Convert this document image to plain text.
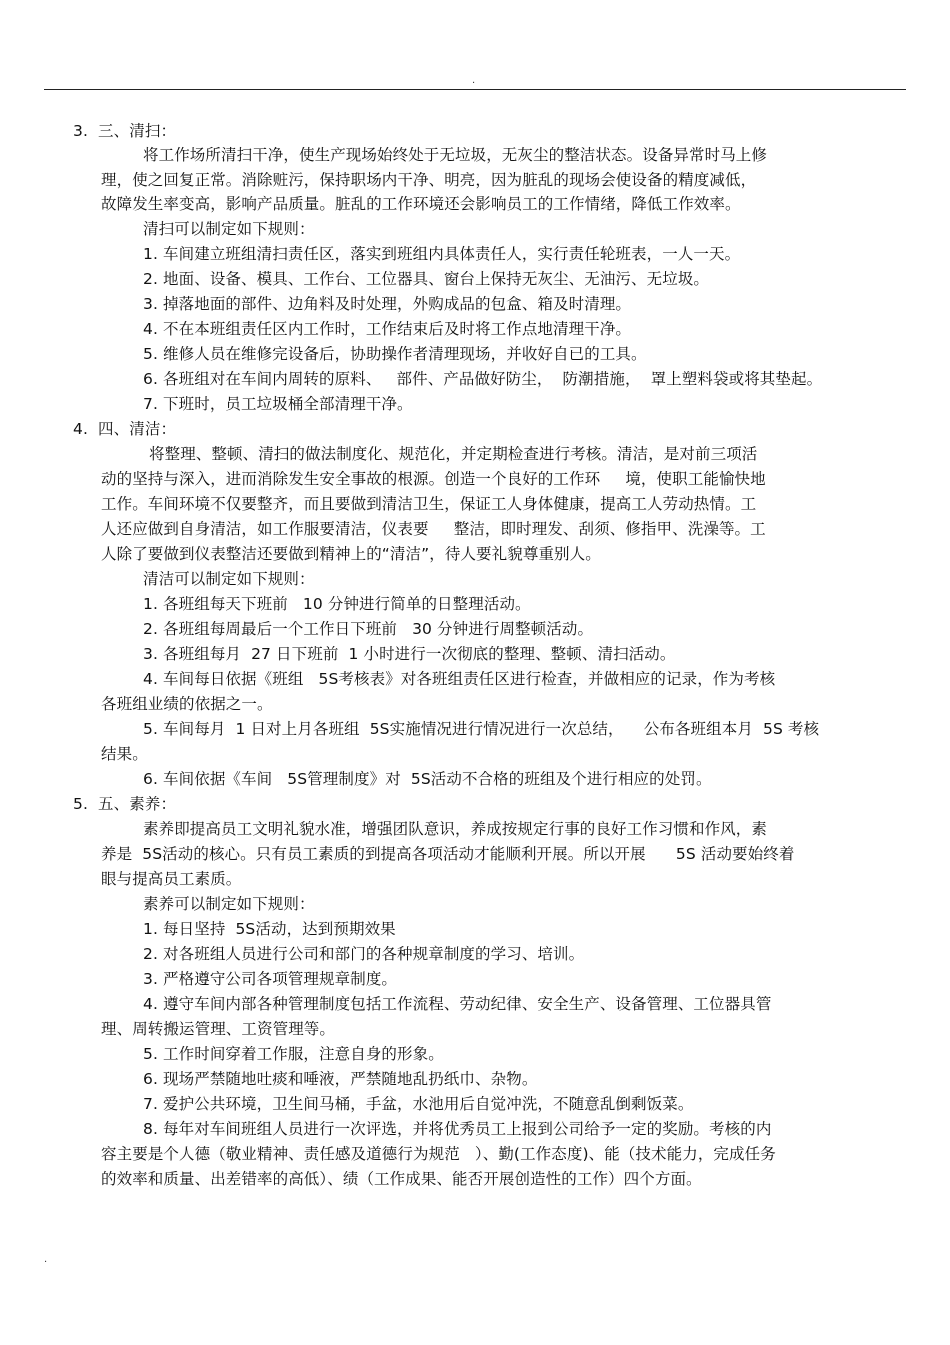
.
3.  三、清扫：
将工作场所清扫干净，使生产现场始终处于无垃圾，无灰尘的整洁状态。设备异常时马上修
理，使之回复正常。消除赃污，保持职场内干净、明亮，因为脏乱的现场会使设备的精度减低，
故障发生率变高，影响产品质量。脏乱的工作环境还会影响员工的工作情绪，降低工作效率。
清扫可以制定如下规则：
1. 车间建立班组清扫责任区，落实到班组内具体责任人，实行责任轮班表，一人一天。
2. 地面、设备、模具、工作台、工位器具、窗台上保持无灰尘、无油污、无垃圾。
3. 掉落地面的部件、边角料及时处理，外购成品的包盒、箱及时清理。
4. 不在本班组责任区内工作时，工作结束后及时将工作点地清理干净。
5. 维修人员在维修完设备后，协助操作者清理现场，并收好自已的工具。
6. 各班组对在车间内周转的原料、   部件、产品做好防尘，  防潮措施，  罩上塑料袋或将其垫起。
7. 下班时，员工垃圾桶全部清理干净。
4.  四、清洁：
将整理、整顿、清扫的做法制度化、规范化，并定期检查进行考核。清洁，是对前三项活
动的坚持与深入，进而消除发生安全事故的根源。创造一个良好的工作环     境，使职工能愉快地
工作。车间环境不仅要整齐，而且要做到清洁卫生，保证工人身体健康，提高工人劳动热情。工
人还应做到自身清洁，如工作服要清洁，仪表要     整洁，即时理发、刮须、修指甲、洗澡等。工
人除了要做到仪表整洁还要做到精神上的“清洁”，待人要礼貌尊重别人。
清洁可以制定如下规则：
1. 各班组每天下班前   10 分钟进行简单的日整理活动。
2. 各班组每周最后一个工作日下班前   30 分钟进行周整顿活动。
3. 各班组每月  27 日下班前  1 小时进行一次彻底的整理、整顿、清扫活动。
4. 车间每日依据《班组   5S考核表》对各班组责任区进行检查，并做相应的记录，作为考核
各班组业绩的依据之一。
5. 车间每月  1 日对上月各班组  5S实施情况进行情况进行一次总结，    公布各班组本月  5S 考核
结果。
6. 车间依据《车间   5S管理制度》对  5S活动不合格的班组及个进行相应的处罚。
5.  五、素养：
素养即提高员工文明礼貌水准，增强团队意识，养成按规定行事的良好工作习惯和作风，素
养是  5S活动的核心。只有员工素质的到提高各项活动才能顺利开展。所以开展      5S 活动要始终着
眼与提高员工素质。
素养可以制定如下规则：
1. 每日坚持  5S活动，达到预期效果
2. 对各班组人员进行公司和部门的各种规章制度的学习、培训。
3. 严格遵守公司各项管理规章制度。
4. 遵守车间内部各种管理制度包括工作流程、劳动纪律、安全生产、设备管理、工位器具管
理、周转搬运管理、工资管理等。
5. 工作时间穿着工作服，注意自身的形象。
6. 现场严禁随地吐痰和唾液，严禁随地乱扔纸巾、杂物。
7. 爱护公共环境，卫生间马桶，手盆，水池用后自觉冲洗，不随意乱倒剩饭菜。
8. 每年对车间班组人员进行一次评选，并将优秀员工上报到公司给予一定的奖励。考核的内
容主要是个人德（敬业精神、责任感及道德行为规范   ）、勤(工作态度)、能（技术能力，完成任务
的效率和质量、出差错率的高低）、绩（工作成果、能否开展创造性的工作）四个方面。
.
